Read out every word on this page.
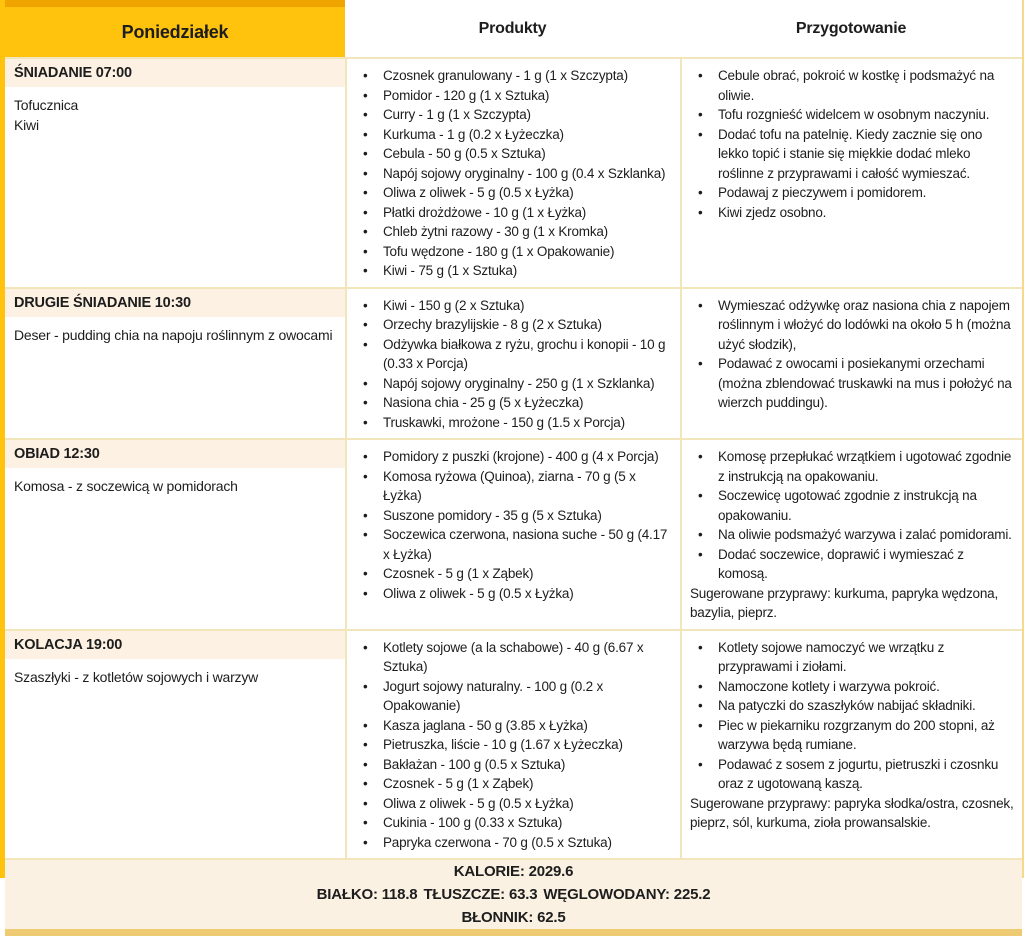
Poniedziałek	Produkty	Przygotowanie
ŚNIADANIE 07:00
Tofucznica
Kiwi
• Czosnek granulowany - 1 g (1 x Szczypta)
• Pomidor - 120 g (1 x Sztuka)
• Curry - 1 g (1 x Szczypta)
• Kurkuma - 1 g (0.2 x Łyżeczka)
• Cebula - 50 g (0.5 x Sztuka)
• Napój sojowy oryginalny - 100 g (0.4 x Szklanka)
• Oliwa z oliwek - 5 g (0.5 x Łyżka)
• Płatki drożdżowe - 10 g (1 x Łyżka)
• Chleb żytni razowy - 30 g (1 x Kromka)
• Tofu wędzone - 180 g (1 x Opakowanie)
• Kiwi - 75 g (1 x Sztuka)
• Cebule obrać, pokroić w kostkę i podsmażyć na oliwie.
• Tofu rozgnieść widelcem w osobnym naczyniu.
• Dodać tofu na patelnię. Kiedy zacznie się ono lekko topić i stanie się miękkie dodać mleko roślinne z przyprawami i całość wymieszać.
• Podawaj z pieczywem i pomidorem.
• Kiwi zjedz osobno.
DRUGIE ŚNIADANIE 10:30
Deser - pudding chia na napoju roślinnym z owocami
• Kiwi - 150 g (2 x Sztuka)
• Orzechy brazylijskie - 8 g (2 x Sztuka)
• Odżywka białkowa z ryżu, grochu i konopii - 10 g (0.33 x Porcja)
• Napój sojowy oryginalny - 250 g (1 x Szklanka)
• Nasiona chia - 25 g (5 x Łyżeczka)
• Truskawki, mrożone - 150 g (1.5 x Porcja)
• Wymieszać odżywkę oraz nasiona chia z napojem roślinnym i włożyć do lodówki na około 5 h (można użyć słodzik),
• Podawać z owocami i posiekanymi orzechami (można zblendować truskawki na mus i położyć na wierzch puddingu).
OBIAD 12:30
Komosa - z soczewicą w pomidorach
• Pomidory z puszki (krojone) - 400 g (4 x Porcja)
• Komosa ryżowa (Quinoa), ziarna - 70 g (5 x Łyżka)
• Suszone pomidory - 35 g (5 x Sztuka)
• Soczewica czerwona, nasiona suche - 50 g (4.17 x Łyżka)
• Czosnek - 5 g (1 x Ząbek)
• Oliwa z oliwek - 5 g (0.5 x Łyżka)
• Komosę przepłukać wrzątkiem i ugotować zgodnie z instrukcją na opakowaniu.
• Soczewicę ugotować zgodnie z instrukcją na opakowaniu.
• Na oliwie podsmażyć warzywa i zalać pomidorami.
• Dodać soczewice, doprawić i wymieszać z komosą.
Sugerowane przyprawy: kurkuma, papryka wędzona, bazylia, pieprz.
KOLACJA 19:00
Szaszłyki - z kotletów sojowych i warzyw
• Kotlety sojowe (a la schabowe) - 40 g (6.67 x Sztuka)
• Jogurt sojowy naturalny. - 100 g (0.2 x Opakowanie)
• Kasza jaglana - 50 g (3.85 x Łyżka)
• Pietruszka, liście - 10 g (1.67 x Łyżeczka)
• Bakłażan - 100 g (0.5 x Sztuka)
• Czosnek - 5 g (1 x Ząbek)
• Oliwa z oliwek - 5 g (0.5 x Łyżka)
• Cukinia - 100 g (0.33 x Sztuka)
• Papryka czerwona - 70 g (0.5 x Sztuka)
• Kotlety sojowe namoczyć we wrzątku z przyprawami i ziołami.
• Namoczone kotlety i warzywa pokroić.
• Na patyczki do szaszłyków nabijać składniki.
• Piec w piekarniku rozgrzanym do 200 stopni, aż warzywa będą rumiane.
• Podawać z sosem z jogurtu, pietruszki i czosnku oraz z ugotowaną kaszą.
Sugerowane przyprawy: papryka słodka/ostra, czosnek, pieprz, sól, kurkuma, zioła prowansalskie.
KALORIE: 2029.6
BIAŁKO: 118.8 TŁUSZCZE: 63.3 WĘGLOWODANY: 225.2
BŁONNIK: 62.5
